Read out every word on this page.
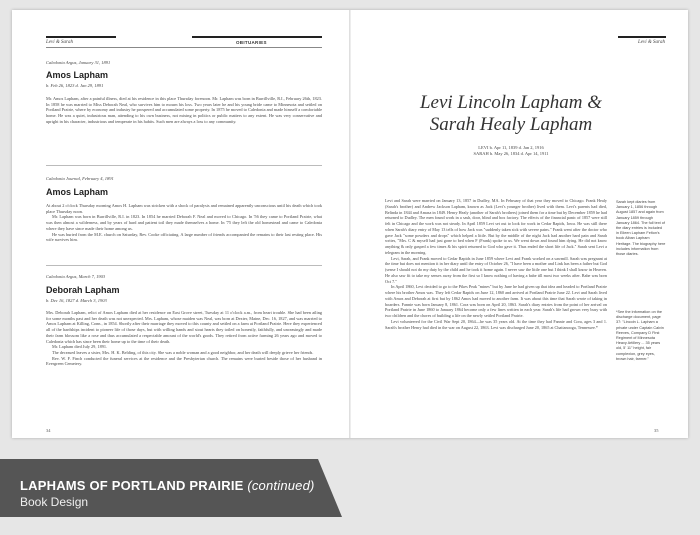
Levi & Sarah	OBITUARIES
Caledonia Argus, January 31, 1891
Amos Lapham
b. Feb 26, 1823 d. Jan 29, 1891

Mr. Amos Lapham, after a painful illness, died at his residence in this place Thursday forenoon. Mr. Lapham was born in Burrillville, R.I., February 26th, 1823. In 1858 he was married to Miss Deborah Neal, who survives him to mourn his loss. Two years later he and his young bride came to Minnesota and settled on Portland Prairie, where by economy and industry he prospered and accumulated some property. In 1875 he moved to Caledonia and made himself a comfortable home. He was a quiet, industrious man, attending to his own business, not mixing in politics or public matters to any extent. He was very conservative and upright in his character, industrious and temperate in his habits. Such men are always a loss to any community.

Caledonia Journal, February 4, 1891
Amos Lapham

At about 2 o'clock Thursday morning Amos H. Lapham was stricken with a shock of paralysis and remained apparently unconscious until his death which took place Thursday noon.

Mr. Lapham was born in Burrillville, R.I. in 1823. In 1854 he married Deborah F. Neal and moved to Chicago. In '56 they came to Portland Prairie, what was then almost a wilderness, and by years of hard and patient toil they made themselves a home. In '75 they left the old homestead and came to Caledonia where they have since made their home among us.

He was buried from the M.E. church on Saturday, Rev. Cooke officiating. A large number of friends accompanied the remains to their last resting place. His wife survives him.

Caledonia Argus, March 7, 1903
Deborah Lapham
b. Dec 16, 1827 d. March 3, 1903

Mrs. Deborah Lapham, relict of Amos Lapham died at her residence on East Grove street, Tuesday at 11 o'clock a.m., from heart trouble. She had been ailing for some months past and her death was not unexpected. Mrs. Lapham, whose maiden was Neal, was born at Dexter, Maine, Dec. 16, 1827, and was married to Amos Lapham at Killing, Conn., in 1854. Shortly after their marriage they moved to this county and settled on a farm at Portland Prairie. Here they experienced all of the hardships incident to pioneer life of those days, but with willing hands and stout hearts they toiled on honestly, faithfully, and unceasingly and made their farm blossom like a rose and thus accumulated a respectable amount of the world's goods. They retired from active farming 26 years ago and moved to Caledonia which has since been their home up to the time of their death.

Mr. Lapham died July 29, 1891.

The deceased leaves a sister, Mrs. H. K. Belding, of this city. She was a noble woman and a good neighbor, and her death will deeply grieve her friends.

Rev. W. F. Finch conducted the funeral services at the residence and the Presbyterian church. The remains were buried beside those of her husband in Evergreen Cemetery.

34
Levi & Sarah
Levi Lincoln Lapham &
Sarah Healy Lapham
LEVI b. Apr 11, 1839 d. Jan 2, 1916
SARAH b. May 26, 1834 d. Apr 14, 1911

Levi and Sarah were married on January 13, 1857 in Dudley, MA. In February of that year they moved to Chicago. Frank Healy (Sarah's brother) and Andrew Jackson Lapham, known as Jack (Levi's younger brother) lived with them. Levi's parents had died, Belinda in 1844 and Amasa in 1849. Henry Healy (another of Sarah's brothers) joined them for a time but by December 1859 he had returned to Dudley. The men found work in a sash, door, blind and box factory. The effects of the financial panic of 1857 were still felt in Chicago and the work was not steady. In April 1859 Levi set out to look for work in Cedar Rapids, Iowa. He was still there when Sarah's diary entry of May 13 tells of how Jack was "suddenly taken sick with severe pains." Frank went after the doctor who gave Jack "some powders and drops" which helped a little. But by the middle of the night Jack had another hard pain and Sarah writes, "Mrs. C & myself had just gone to bed when F (Frank) spoke to us. We went down and found him dying. He did not know anything & only gasped a few times & his spirit returned to God who gave it. Thus ended the short life of Jack." Sarah sent Levi a telegram in the morning.

Levi, Sarah, and Frank moved to Cedar Rapids in June 1859 where Levi and Frank worked on a sawmill. Sarah was pregnant at the time but does not mention it in her diary until the entry of October 26, "I have been a mother and Link has been a father but God (sense I should not do my duty by the child and he took it home again. I never saw the little one but I think I shall know in Heaven. He also saw fit to take my senses away from the first so I know nothing of having a babe till most two weeks after. Babe was born Oct 7."

In April 1860, Levi decided to go to the Pikes Peak "mines" but by June he had given up that idea and headed to Portland Prairie where his brother Amos was. They left Cedar Rapids on June 12, 1860 and arrived at Portland Prairie June 22. Levi and Sarah lived with Amos and Deborah at first but by 1862 Amos had moved to another farm. It was about this time that Sarah wrote of taking in boarders. Fannie was born January 8, 1861. Cora was born on April 20, 1863. Sarah's diary entries from the point of her arrival on Portland Prairie in June 1860 to January 1864 become only a few lines written in each year. Sarah's life had grown very busy with two children and the chores of building a life on the newly settled Portland Prairie.

Levi volunteered for the Civil War Sept 20, 1864—he was 35 years old. At the time they had Fannie and Cora, ages 3 and 1. Sarah's brother Henry had died in the war on August 22, 1863. Levi was discharged June 20, 1865 at Chattanooga, Tennessee.*

Sarah kept diaries from January 1, 1856 through August 1857 and again from January 1859 through January 1864. The full text of the diary entries is included in Eileen Lapham Felton's book Alban Lapham Heritage. The biography here includes information from those diaries.
*See the information on the discharge document, page 37: "Lincoln L. Lapham a private under Captain Calvin Reeves, Company D First Regiment of Minnesota Heavy Artillery ... 35 years old, 5' 11" height, fair complexion, grey eyes, brown hair, farmer."
35
LAPHAMS OF PORTLAND PRAIRIE (continued)
Book Design
